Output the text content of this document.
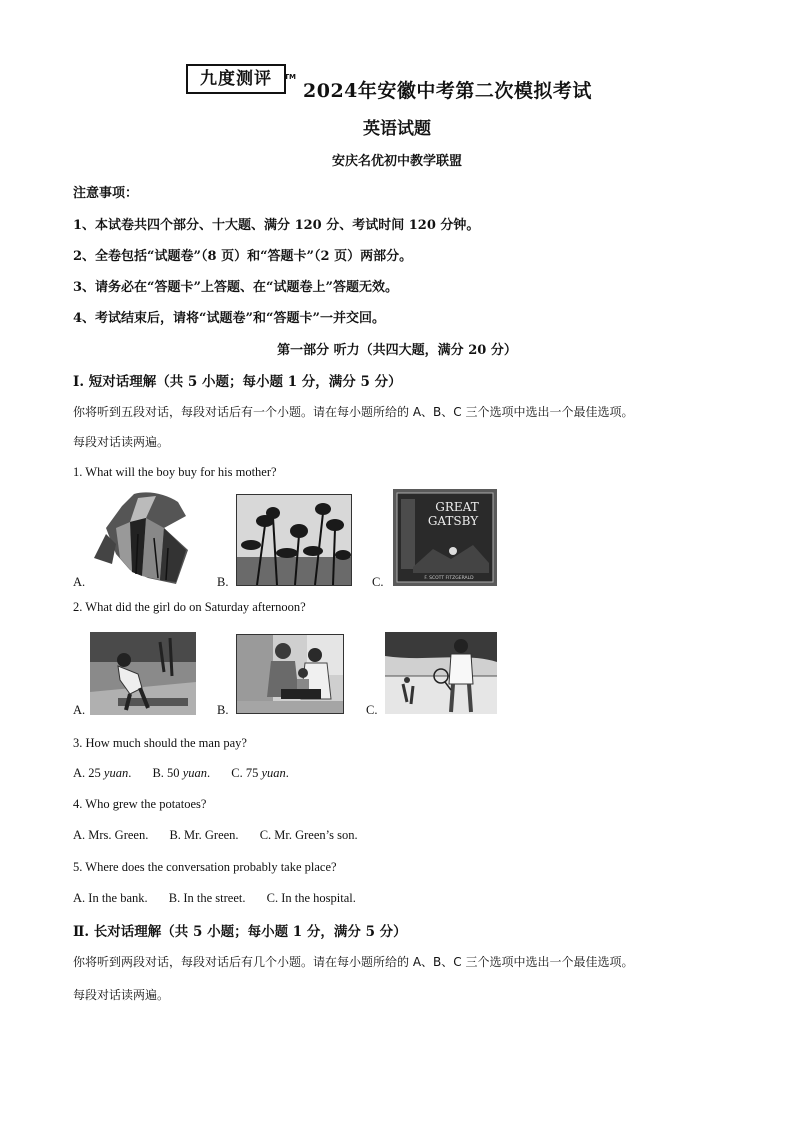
九度测评 TM
2024年安徽中考第二次模拟考试
英语试题
安庆名优初中教学联盟
注意事项：
1、本试卷共四个部分、十大题、满分 120 分、考试时间 120 分钟。
2、全卷包括“试题卷”（8 页）和“答题卡”（2 页）两部分。
3、请务必在“答题卡”上答题、在“试题卷上”答题无效。
4、考试结束后，请将“试题卷”和“答题卡”一并交回。
第一部分 听力（共四大题，满分 20 分）
Ⅰ. 短对话理解（共 5 小题；每小题 1 分，满分 5 分）
你将听到五段对话，每段对话后有一个小题。请在每小题所给的 A、B、C 三个选项中选出一个最佳选项。
每段对话读两遍。
1. What will the boy buy for his mother?
A.	B.	C.
GREAT
GATSBY
F. SCOTT FITZGERALD
2. What did the girl do on Saturday afternoon?
A.	B.	C.
3. How much should the man pay?
A. 25 yuan. B. 50 yuan. C. 75 yuan.
4. Who grew the potatoes?
A. Mrs. Green. B. Mr. Green. C. Mr. Green’s son.
5. Where does the conversation probably take place?
A. In the bank. B. In the street. C. In the hospital.
Ⅱ. 长对话理解（共 5 小题；每小题 1 分，满分 5 分）
你将听到两段对话，每段对话后有几个小题。请在每小题所给的 A、B、C 三个选项中选出一个最佳选项。
每段对话读两遍。
